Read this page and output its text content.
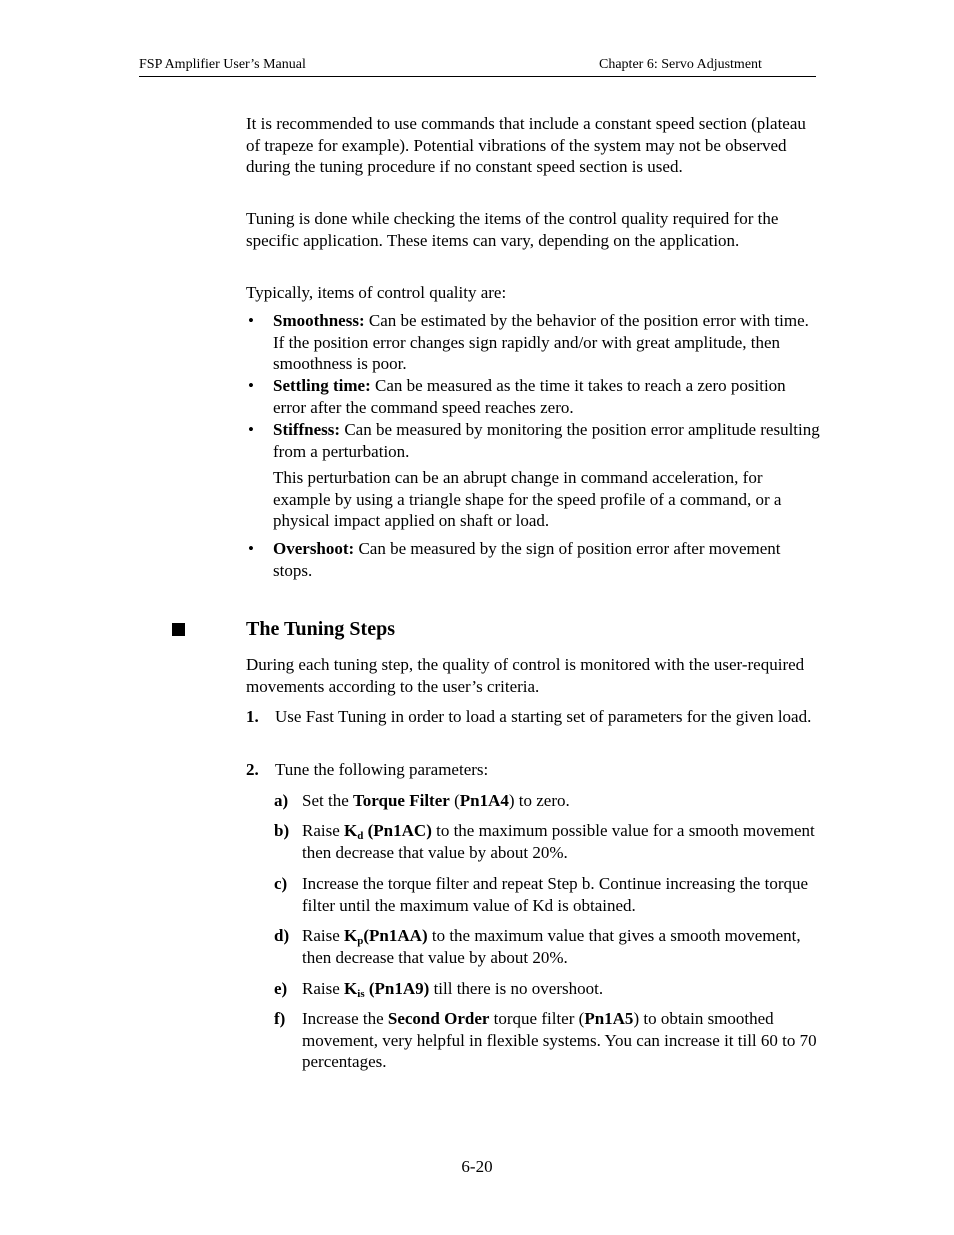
FSP Amplifier User’s Manual	Chapter 6: Servo Adjustment

It is recommended to use commands that include a constant speed section (plateau of trapeze for example). Potential vibrations of the system may not be observed during the tuning procedure if no constant speed section is used.

Tuning is done while checking the items of the control quality required for the specific application. These items can vary, depending on the application.

Typically, items of control quality are:

• Smoothness: Can be estimated by the behavior of the position error with time. If the position error changes sign rapidly and/or with great amplitude, then smoothness is poor.

• Settling time: Can be measured as the time it takes to reach a zero position error after the command speed reaches zero.

• Stiffness: Can be measured by monitoring the position error amplitude resulting from a perturbation.

This perturbation can be an abrupt change in command acceleration, for example by using a triangle shape for the speed profile of a command, or a physical impact applied on shaft or load.

• Overshoot: Can be measured by the sign of position error after movement stops.

The Tuning Steps

During each tuning step, the quality of control is monitored with the user-required movements according to the user’s criteria.

1. Use Fast Tuning in order to load a starting set of parameters for the given load.

2. Tune the following parameters:

a) Set the Torque Filter (Pn1A4) to zero.

b) Raise $K_d$ (Pn1AC) to the maximum possible value for a smooth movement then decrease that value by about 20%.

c) Increase the torque filter and repeat Step b. Continue increasing the torque filter until the maximum value of Kd is obtained.

d) Raise $K_p(Pn1AA)$ to the maximum value that gives a smooth movement, then decrease that value by about 20%.

e) Raise $K_{is}$ (Pn1A9) till there is no overshoot.

f) Increase the Second Order torque filter (Pn1A5) to obtain smoothed movement, very helpful in flexible systems. You can increase it till 60 to 70 percentages.

6-20
